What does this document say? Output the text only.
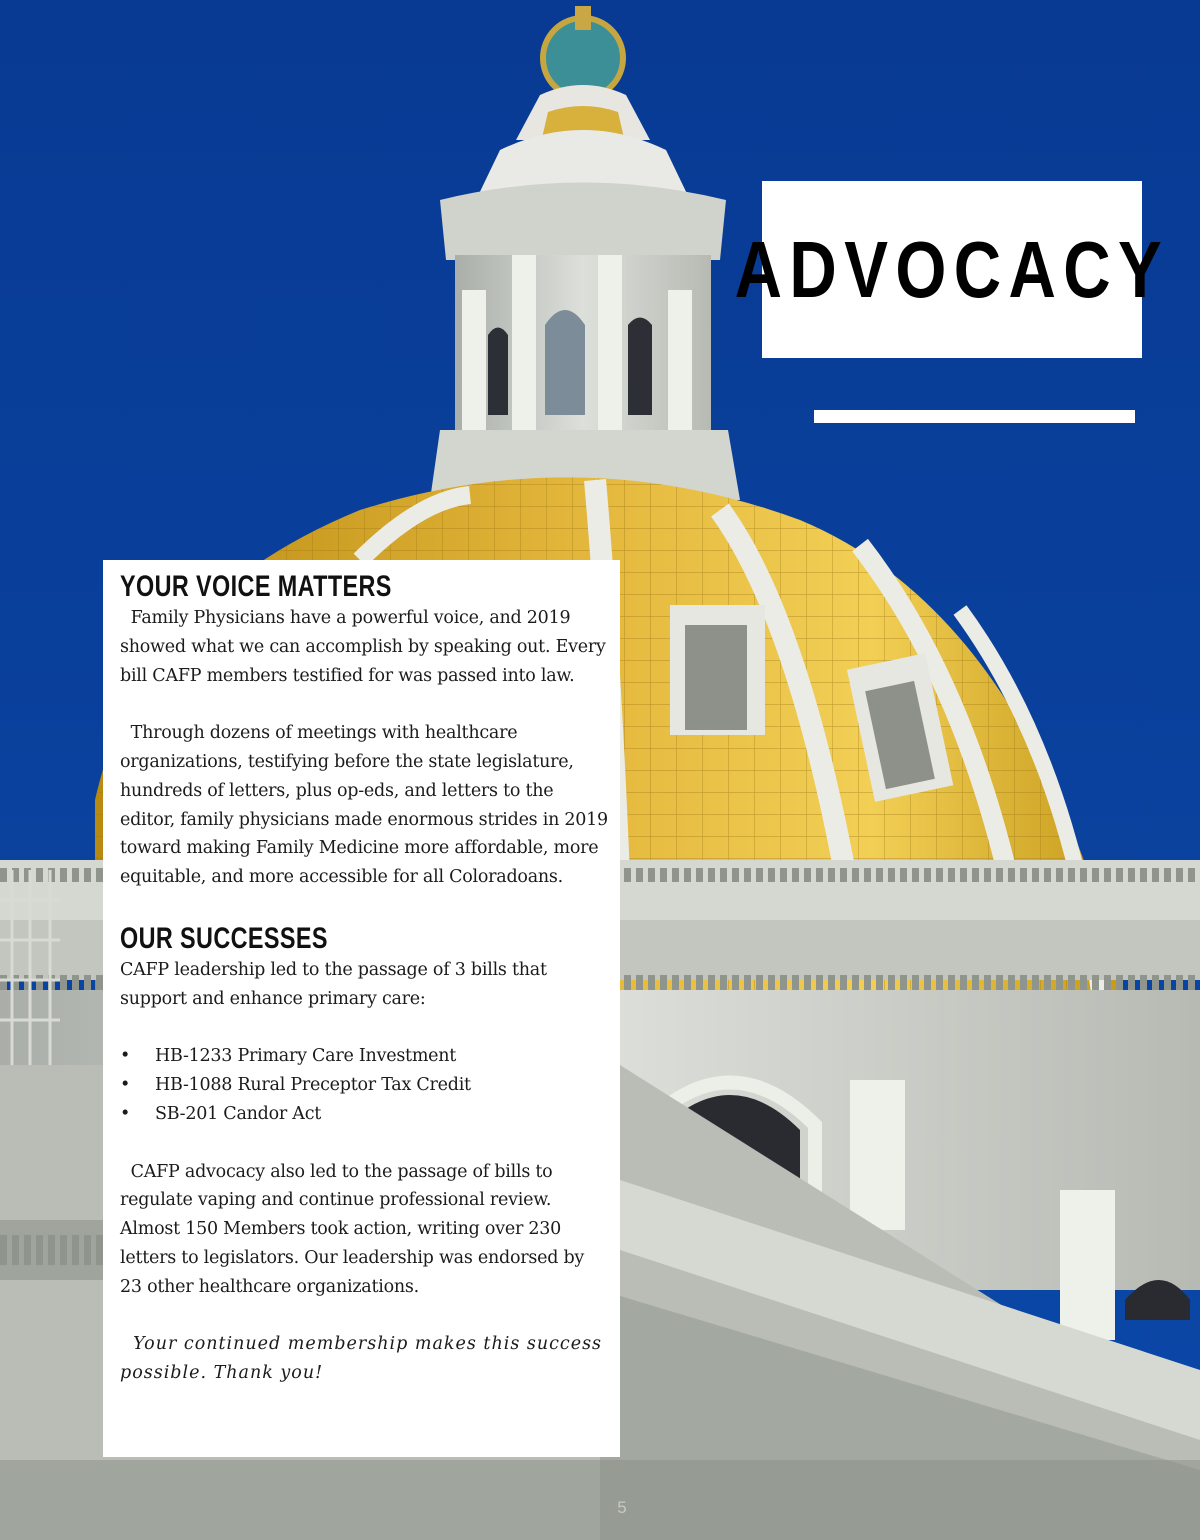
ADVOCACY
YOUR VOICE MATTERS

Family Physicians have a powerful voice, and 2019 showed what we can accomplish by speaking out. Every bill CAFP members testified for was passed into law.

Through dozens of meetings with healthcare organizations, testifying before the state legislature, hundreds of letters, plus op-eds, and letters to the editor, family physicians made enormous strides in 2019 toward making Family Medicine more affordable, more equitable, and more accessible for all Coloradoans.

OUR SUCCESSES

CAFP leadership led to the passage of 3 bills that support and enhance primary care:

• HB-1233 Primary Care Investment
• HB-1088 Rural Preceptor Tax Credit
• SB-201 Candor Act

CAFP advocacy also led to the passage of bills to regulate vaping and continue professional review. Almost 150 Members took action, writing over 230 letters to legislators. Our leadership was endorsed by 23 other healthcare organizations.

Your continued membership makes this success possible. Thank you!

5
